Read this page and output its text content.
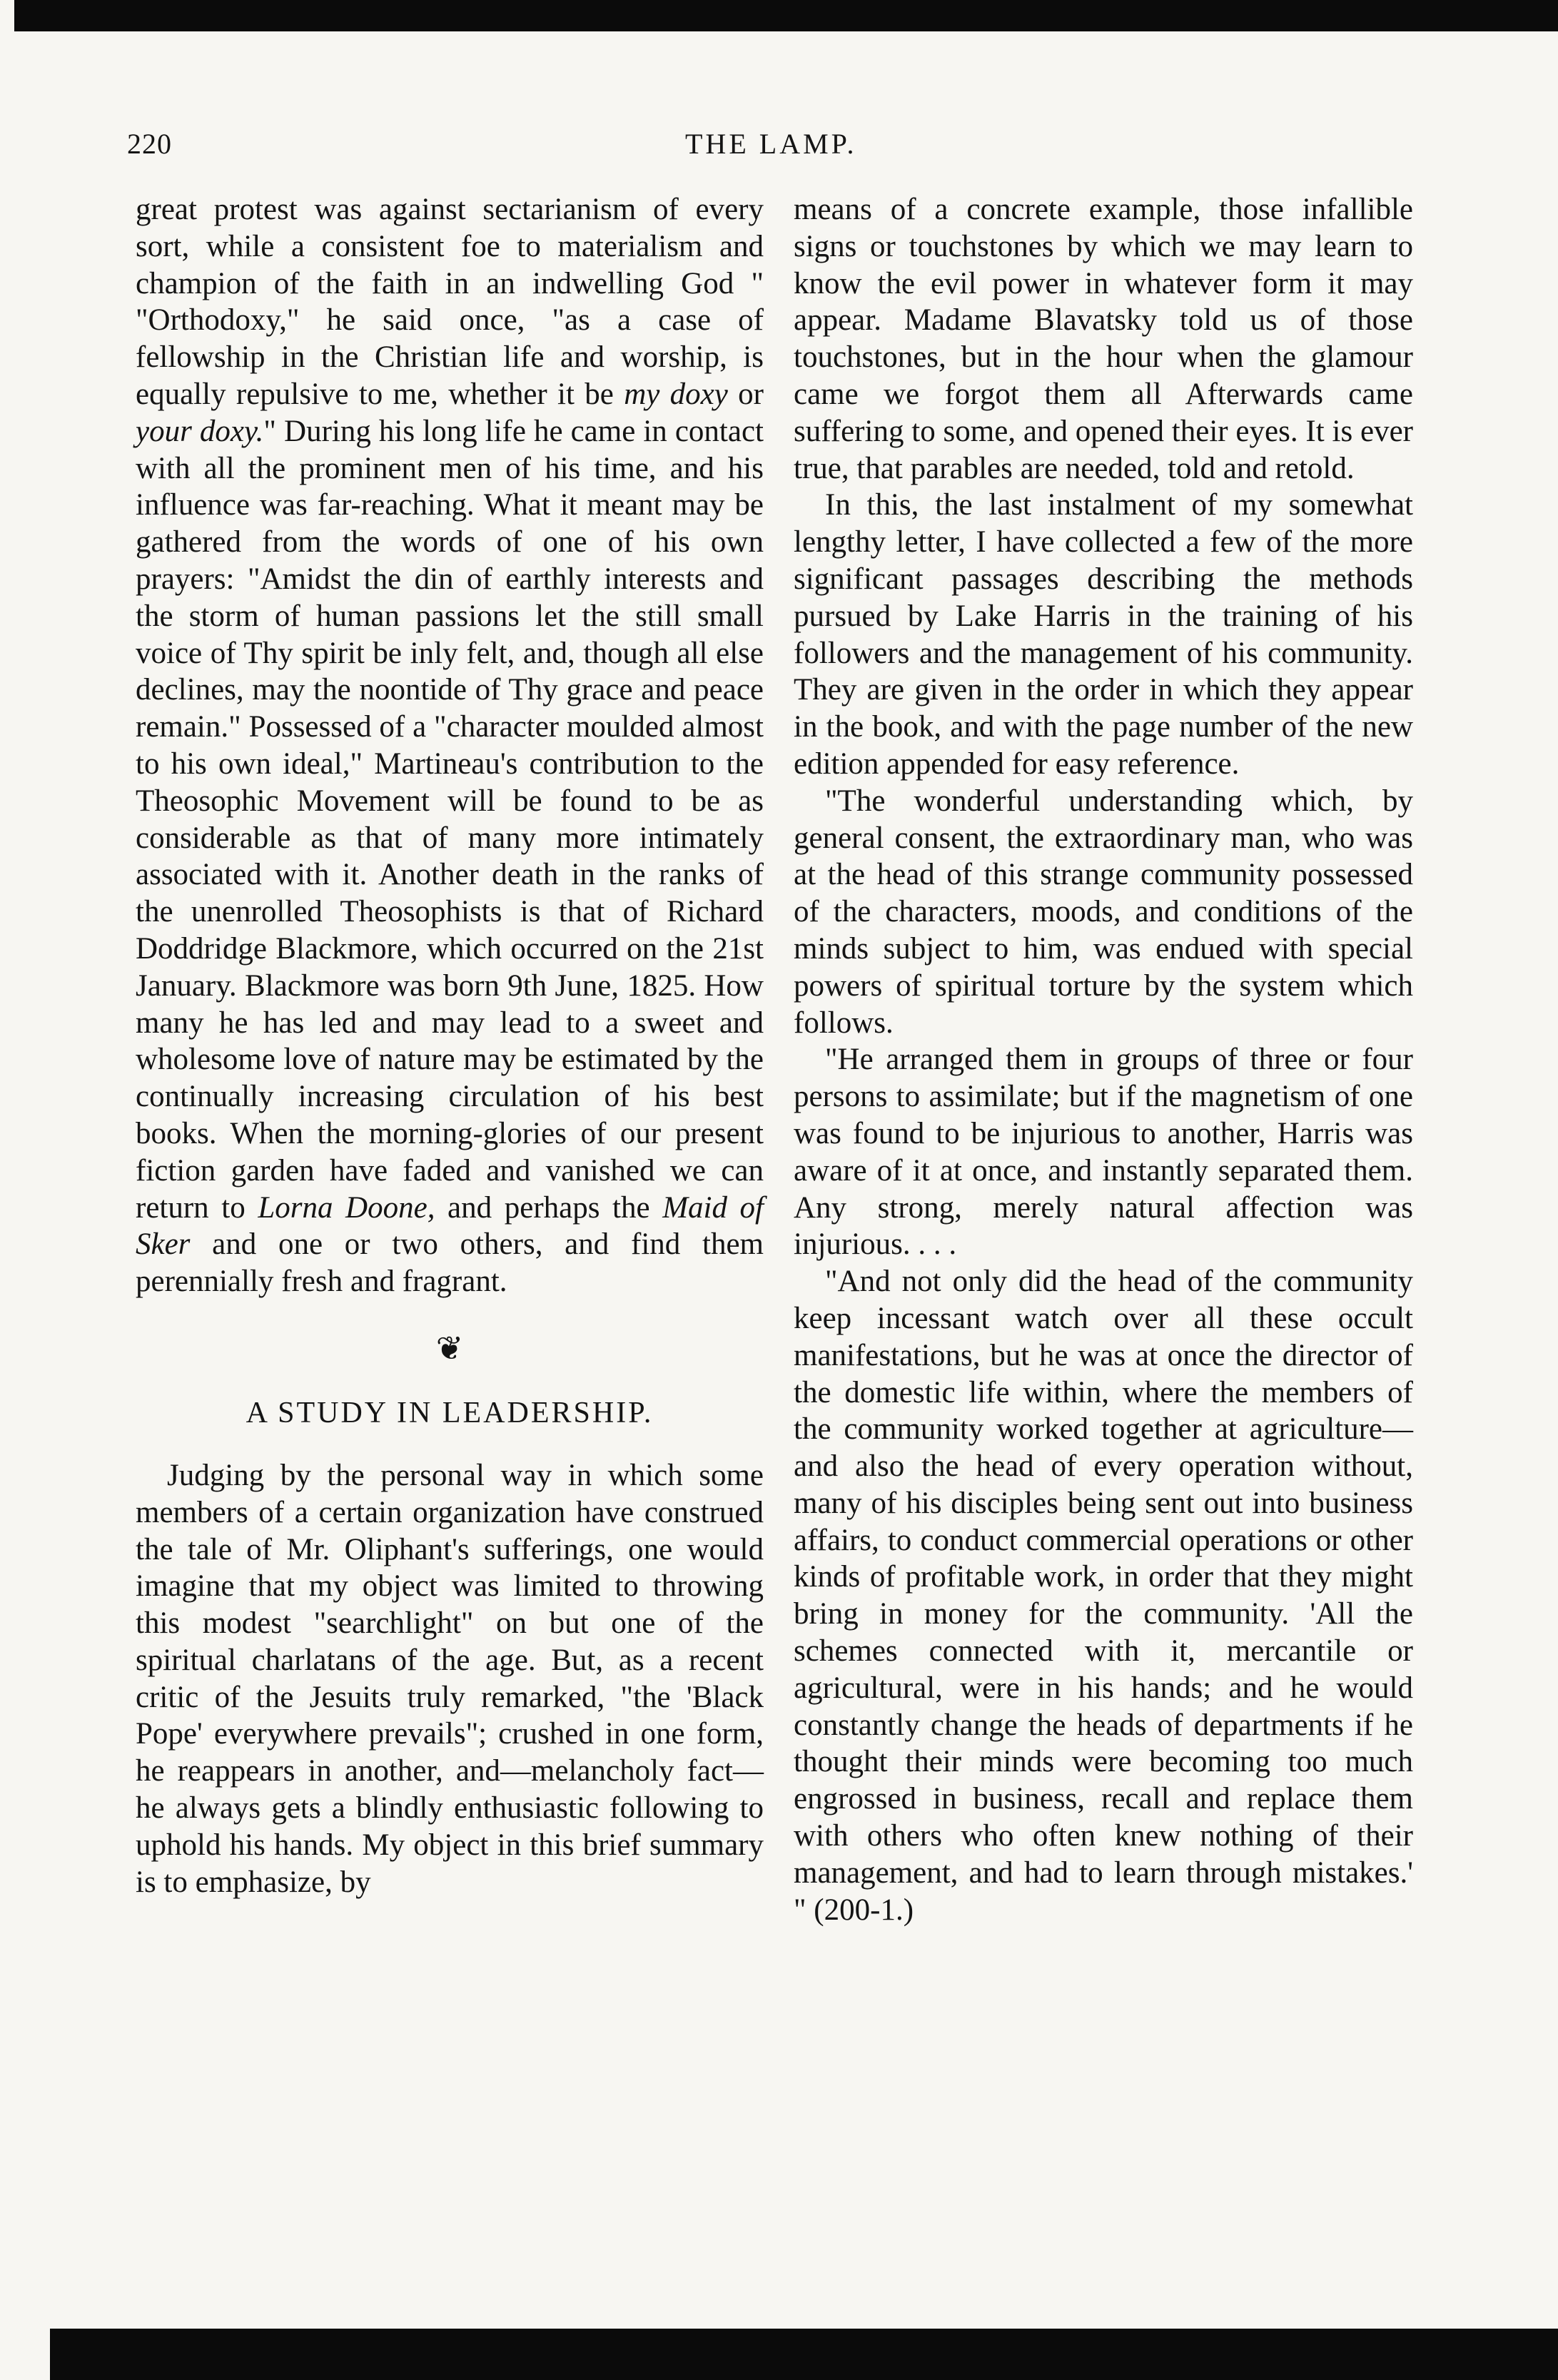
220	THE LAMP.

great protest was against sectarianism of every sort, while a consistent foe to materialism and champion of the faith in an indwelling God " "Orthodoxy," he said once, "as a case of fellowship in the Christian life and worship, is equally repulsive to me, whether it be my doxy or your doxy." During his long life he came in contact with all the prominent men of his time, and his influence was far-reaching. What it meant may be gathered from the words of one of his own prayers: "Amidst the din of earthly interests and the storm of human passions let the still small voice of Thy spirit be inly felt, and, though all else declines, may the noontide of Thy grace and peace remain." Possessed of a "character moulded almost to his own ideal," Martineau's contribution to the Theosophic Movement will be found to be as considerable as that of many more intimately associated with it. Another death in the ranks of the unenrolled Theosophists is that of Richard Doddridge Blackmore, which occurred on the 21st January. Blackmore was born 9th June, 1825. How many he has led and may lead to a sweet and wholesome love of nature may be estimated by the continually increasing circulation of his best books. When the morning-glories of our present fiction garden have faded and vanished we can return to Lorna Doone, and perhaps the Maid of Sker and one or two others, and find them perennially fresh and fragrant.

❦
A STUDY IN LEADERSHIP.

Judging by the personal way in which some members of a certain organization have construed the tale of Mr. Oliphant's sufferings, one would imagine that my object was limited to throwing this modest "searchlight" on but one of the spiritual charlatans of the age. But, as a recent critic of the Jesuits truly remarked, "the 'Black Pope' everywhere prevails"; crushed in one form, he reappears in another, and—melancholy fact—he always gets a blindly enthusiastic following to uphold his hands. My object in this brief summary is to emphasize, by

means of a concrete example, those infallible signs or touchstones by which we may learn to know the evil power in whatever form it may appear. Madame Blavatsky told us of those touchstones, but in the hour when the glamour came we forgot them all Afterwards came suffering to some, and opened their eyes. It is ever true, that parables are needed, told and retold.

In this, the last instalment of my somewhat lengthy letter, I have collected a few of the more significant passages describing the methods pursued by Lake Harris in the training of his followers and the management of his community. They are given in the order in which they appear in the book, and with the page number of the new edition appended for easy reference.

"The wonderful understanding which, by general consent, the extraordinary man, who was at the head of this strange community possessed of the characters, moods, and conditions of the minds subject to him, was endued with special powers of spiritual torture by the system which follows.

"He arranged them in groups of three or four persons to assimilate; but if the magnetism of one was found to be injurious to another, Harris was aware of it at once, and instantly separated them. Any strong, merely natural affection was injurious. . . .

"And not only did the head of the community keep incessant watch over all these occult manifestations, but he was at once the director of the domestic life within, where the members of the community worked together at agriculture—and also the head of every operation without, many of his disciples being sent out into business affairs, to conduct commercial operations or other kinds of profitable work, in order that they might bring in money for the community. 'All the schemes connected with it, mercantile or agricultural, were in his hands; and he would constantly change the heads of departments if he thought their minds were becoming too much engrossed in business, recall and replace them with others who often knew nothing of their management, and had to learn through mistakes.' " (200-1.)
